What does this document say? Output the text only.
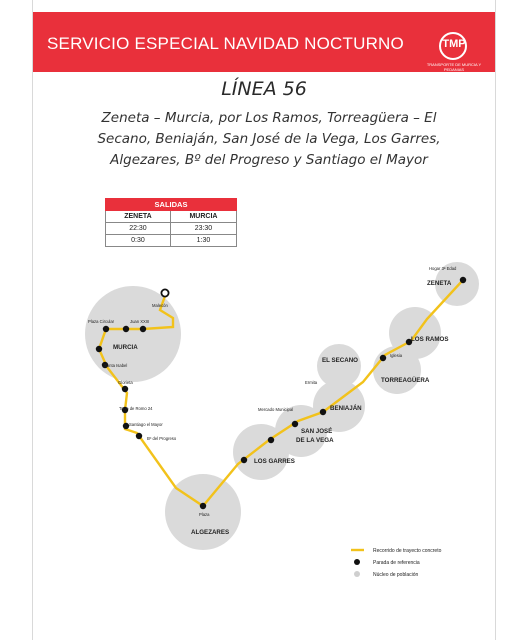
SERVICIO ESPECIAL NAVIDAD NOCTURNO	TMP
TRANSPORTE DE MURCIA Y PEDANIAS
LÍNEA 56
Zeneta – Murcia, por Los Ramos, Torreagüera – El Secano, Beniaján, San José de la Vega, Los Garres, Algezares, Bº del Progreso y Santiago el Mayor
SALIDAS	
ZENETA	MURCIA
22:30	23:30
0:30	1:30
Malecón
Plaza Circular	Juan XXIII
Santa Isabel
Glorieta
Torre de Romo 24
Santiago el Mayor
Bº del Progreso
Plaza
Mercado Municipal
Ermita
Iglesia
Hogar 3ª Edad
MURCIA
ALGEZARES
LOS GARRES
SAN JOSÉ
DE LA VEGA
BENIAJÁN
EL SECANO
TORREAGÜERA
LOS RAMOS
ZENETA
Recorrido de trayecto concreto
Parada de referencia
Núcleo de población
